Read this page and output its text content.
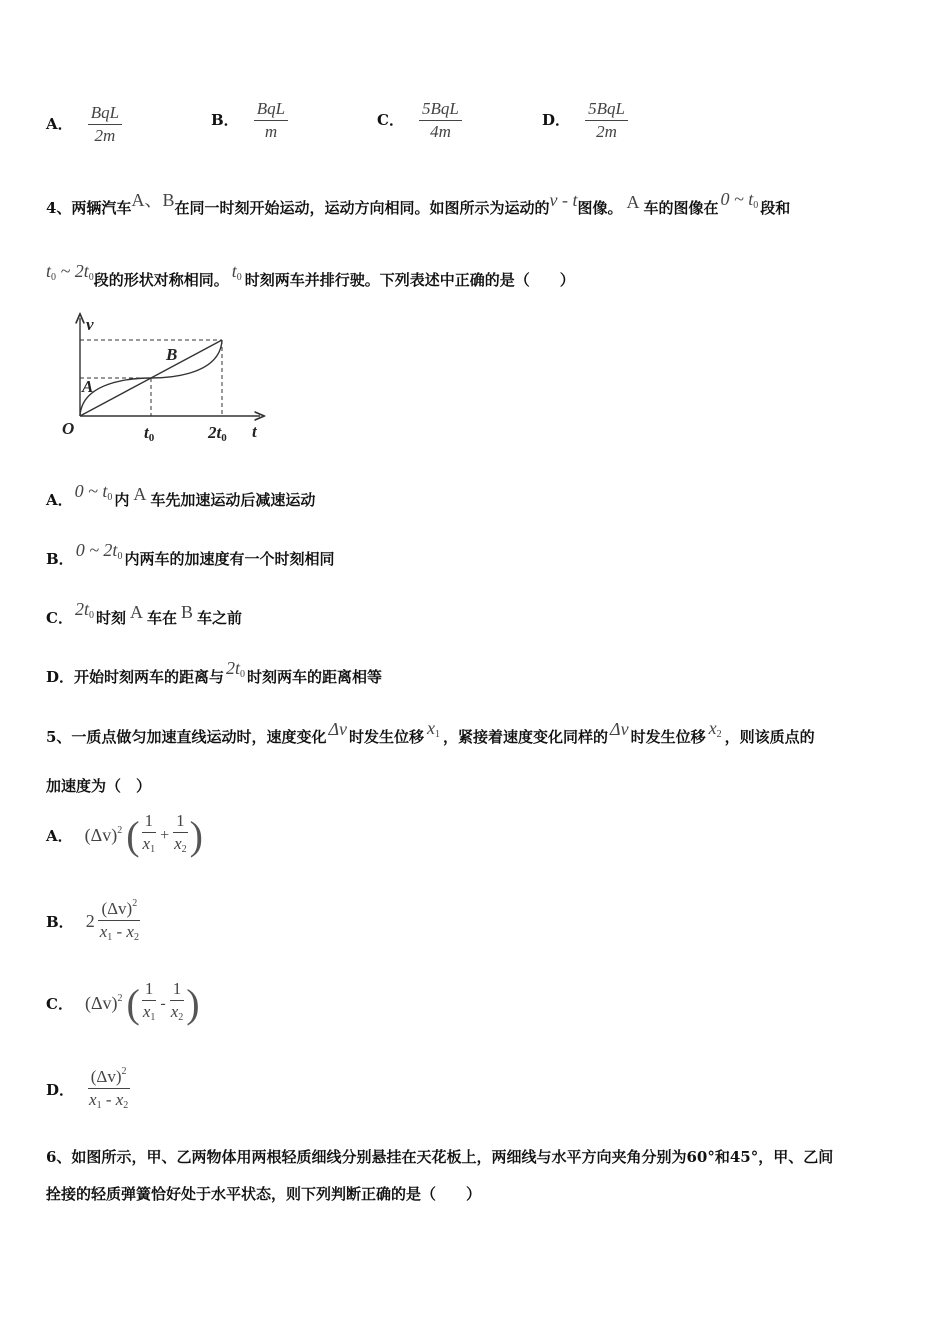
A． $\frac{\text{BqL}}{2m}$	B． $\frac{\text{BqL}}{m}$	C． $\frac{\text{5BqL}}{4m}$	D． $\frac{\text{5BqL}}{2m}$
4、两辆汽车A、B在同一时刻开始运动，运动方向相同。如图所示为运动的v - t图像。 A 车的图像在 0 ~ $t_0$ 段和
$t_0$ ~ $2t_0$段的形状对称相同。 $t_0$ 时刻两车并排行驶。下列表述中正确的是（　　）
v
t
O
A
B
t0	2t0
A． 0 ~ $t_0$ 内 A 车先加速运动后减速运动
B． 0 ~ $2t_0$ 内两车的加速度有一个时刻相同
C． $2t_0$ 时刻 A 车在 B 车之前
D．开始时刻两车的距离与 $2t_0$ 时刻两车的距离相等
5、一质点做匀加速直线运动时，速度变化 Δv 时发生位移 $x_1$ ，紧接着速度变化同样的 Δv 时发生位移 $x_2$ ，则该质点的
加速度为（　）
A． $(\Delta v)^2$ ( $\frac{1}{x_1} + \frac{1}{x_2}$ )
B． $2 \frac{(\Delta v)^2}{x_1 - x_2}$
C． $(\Delta v)^2$ ( $\frac{1}{x_1} - \frac{1}{x_2}$ )
D． $\frac{(\Delta v)^2}{x_1 - x_2}$
6、如图所示，甲、乙两物体用两根轻质细线分别悬挂在天花板上，两细线与水平方向夹角分别为60°和45°，甲、乙间
拴接的轻质弹簧恰好处于水平状态，则下列判断正确的是（　　）
